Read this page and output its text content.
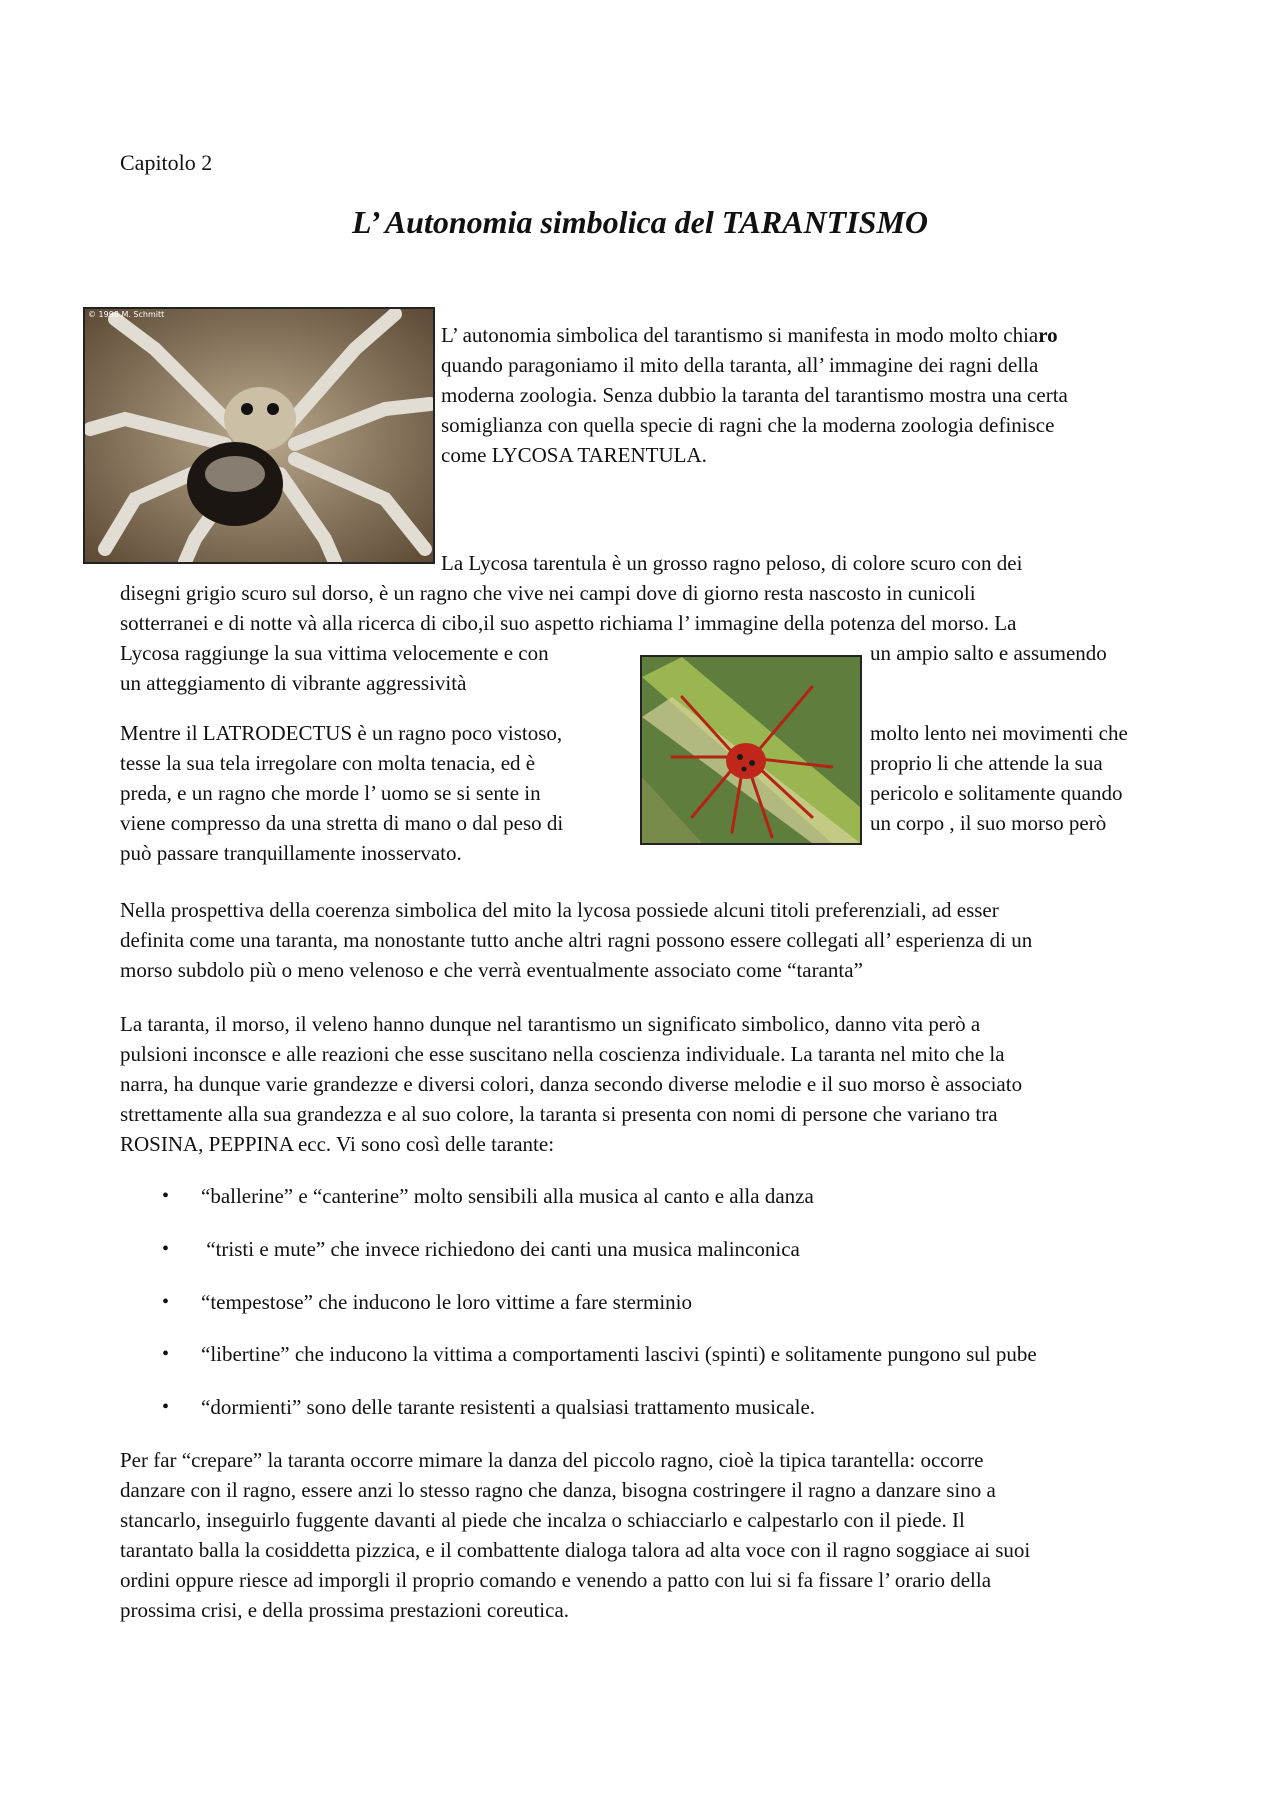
Capitolo 2
L’ Autonomia simbolica del TARANTISMO
© 1998 M. Schmitt
L’ autonomia simbolica del tarantismo si manifesta in modo molto chiaro
quando paragoniamo il mito della taranta, all’ immagine dei ragni della
moderna zoologia. Senza dubbio la taranta del tarantismo mostra una certa
somiglianza con quella specie di ragni che la moderna zoologia definisce
come LYCOSA TARENTULA.
La Lycosa tarentula è un grosso ragno peloso, di colore scuro con dei
disegni grigio scuro sul dorso, è un ragno che vive nei campi dove di giorno resta nascosto in cunicoli
sotterranei e di notte và alla ricerca di cibo,il suo aspetto richiama l’ immagine della potenza del morso. La
Lycosa raggiunge la sua vittima velocemente e con	un ampio salto e assumendo
un atteggiamento di vibrante aggressività
Mentre il LATRODECTUS è un ragno poco vistoso,	molto lento nei movimenti che
tesse la sua tela irregolare con molta tenacia, ed è	proprio li che attende la sua
preda, e un ragno che morde l’ uomo se si sente in	pericolo e solitamente quando
viene compresso da una stretta di mano o dal peso di	un corpo , il suo morso però
può passare tranquillamente inosservato.
Nella prospettiva della coerenza simbolica del mito la lycosa possiede alcuni titoli preferenziali, ad esser
definita come una taranta, ma nonostante tutto anche altri ragni possono essere collegati all’ esperienza di un
morso subdolo più o meno velenoso e che verrà eventualmente associato come “taranta”
La taranta, il morso, il veleno hanno dunque nel tarantismo un significato simbolico, danno vita però a
pulsioni inconsce e alle reazioni che esse suscitano nella coscienza individuale. La taranta nel mito che la
narra, ha dunque varie grandezze e diversi colori, danza secondo diverse melodie e il suo morso è associato
strettamente alla sua grandezza e al suo colore, la taranta si presenta con nomi di persone che variano tra
ROSINA, PEPPINA ecc. Vi sono così delle tarante:
• “ballerine” e “canterine” molto sensibili alla musica al canto e alla danza
• “tristi e mute” che invece richiedono dei canti una musica malinconica
• “tempestose” che inducono le loro vittime a fare sterminio
• “libertine” che inducono la vittima a comportamenti lascivi (spinti) e solitamente pungono sul pube
• “dormienti” sono delle tarante resistenti a qualsiasi trattamento musicale.
Per far “crepare” la taranta occorre mimare la danza del piccolo ragno, cioè la tipica tarantella: occorre
danzare con il ragno, essere anzi lo stesso ragno che danza, bisogna costringere il ragno a danzare sino a
stancarlo, inseguirlo fuggente davanti al piede che incalza o schiacciarlo e calpestarlo con il piede. Il
tarantato balla la cosiddetta pizzica, e il combattente dialoga talora ad alta voce con il ragno soggiace ai suoi
ordini oppure riesce ad imporgli il proprio comando e venendo a patto con lui si fa fissare l’ orario della
prossima crisi, e della prossima prestazioni coreutica.
